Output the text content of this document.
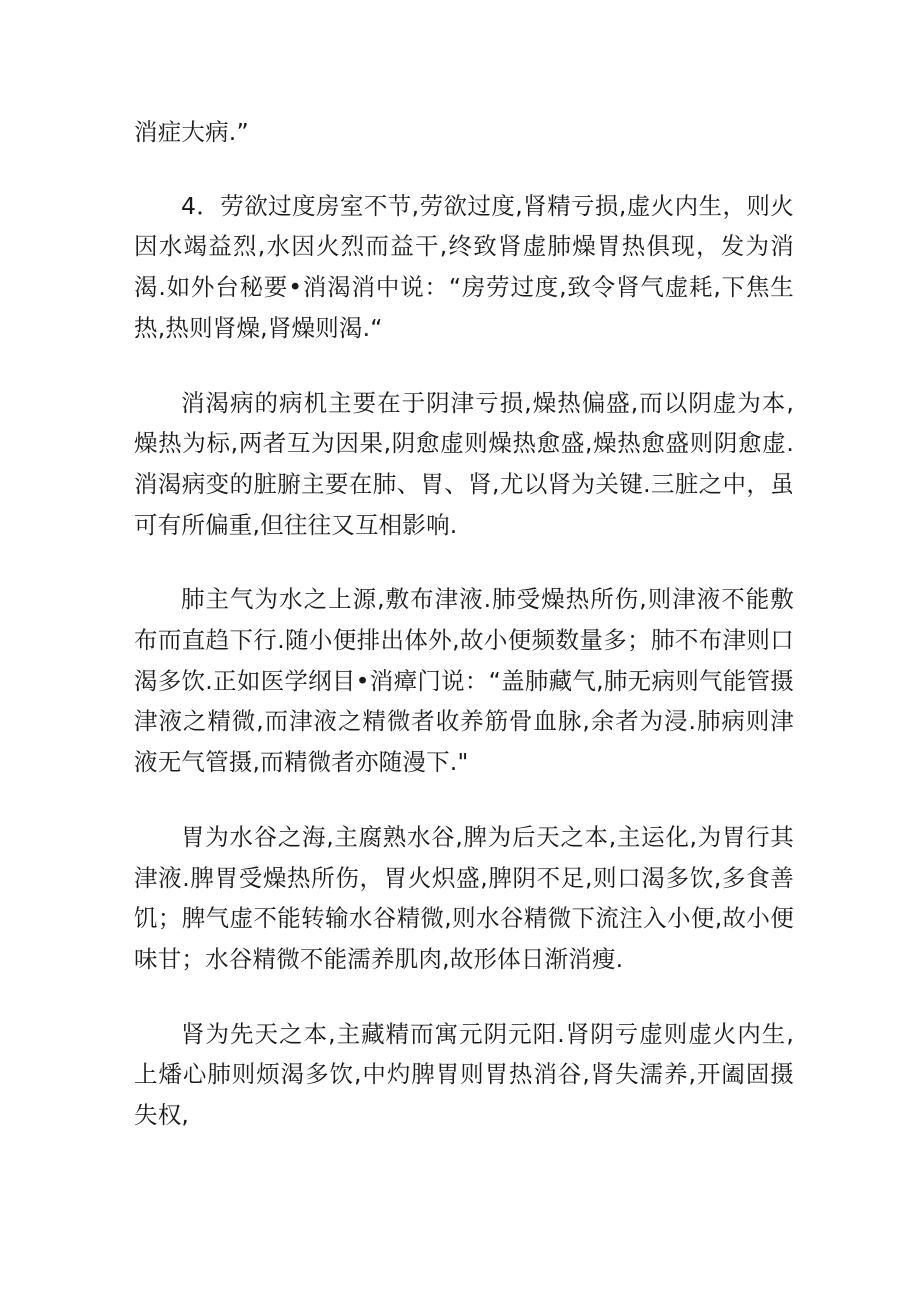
消症大病.”

4．劳欲过度房室不节,劳欲过度,肾精亏损,虚火内生，则火因水竭益烈,水因火烈而益干,终致肾虚肺燥胃热俱现，发为消渴.如外台秘要•消渴消中说：“房劳过度,致令肾气虚耗,下焦生热,热则肾燥,肾燥则渴.“

消渴病的病机主要在于阴津亏损,燥热偏盛,而以阴虚为本,燥热为标,两者互为因果,阴愈虚则燥热愈盛,燥热愈盛则阴愈虚.消渴病变的脏腑主要在肺、胃、肾,尤以肾为关键.三脏之中，虽可有所偏重,但往往又互相影响.

肺主气为水之上源,敷布津液.肺受燥热所伤,则津液不能敷布而直趋下行.随小便排出体外,故小便频数量多；肺不布津则口渴多饮.正如医学纲目•消瘴门说：“盖肺藏气,肺无病则气能管摄津液之精微,而津液之精微者收养筋骨血脉,余者为浸.肺病则津液无气管摄,而精微者亦随漫下."

胃为水谷之海,主腐熟水谷,脾为后天之本,主运化,为胃行其津液.脾胃受燥热所伤，胃火炽盛,脾阴不足,则口渴多饮,多食善饥；脾气虚不能转输水谷精微,则水谷精微下流注入小便,故小便味甘；水谷精微不能濡养肌肉,故形体日渐消瘦.

肾为先天之本,主藏精而寓元阴元阳.肾阴亏虚则虚火内生,上燔心肺则烦渴多饮,中灼脾胃则胃热消谷,肾失濡养,开阖固摄失权,
